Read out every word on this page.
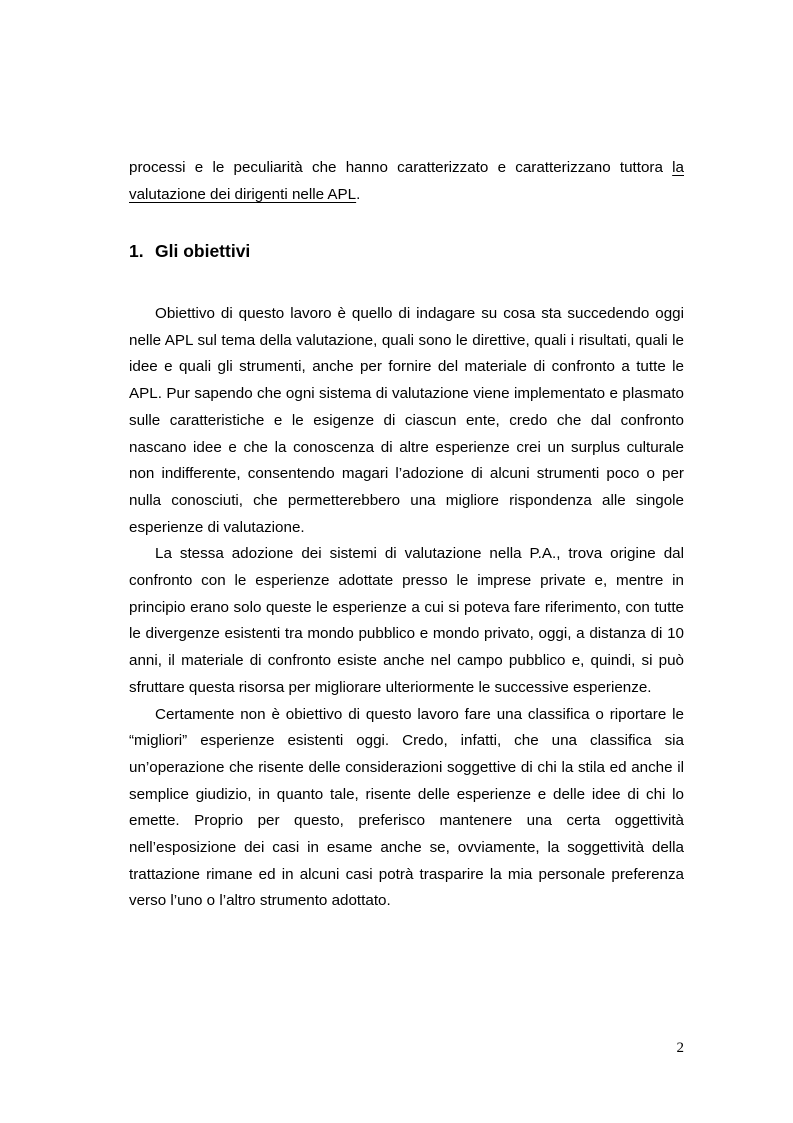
processi e le peculiarità che hanno caratterizzato e caratterizzano tuttora la valutazione dei dirigenti nelle APL.

1. Gli obiettivi

Obiettivo di questo lavoro è quello di indagare su cosa sta succedendo oggi nelle APL sul tema della valutazione, quali sono le direttive, quali i risultati, quali le idee e quali gli strumenti, anche per fornire del materiale di confronto a tutte le APL. Pur sapendo che ogni sistema di valutazione viene implementato e plasmato sulle caratteristiche e le esigenze di ciascun ente, credo che dal confronto nascano idee e che la conoscenza di altre esperienze crei un surplus culturale non indifferente, consentendo magari l’adozione di alcuni strumenti poco o per nulla conosciuti, che permetterebbero una migliore rispondenza alle singole esperienze di valutazione.

La stessa adozione dei sistemi di valutazione nella P.A., trova origine dal confronto con le esperienze adottate presso le imprese private e, mentre in principio erano solo queste le esperienze a cui si poteva fare riferimento, con tutte le divergenze esistenti tra mondo pubblico e mondo privato, oggi, a distanza di 10 anni, il materiale di confronto esiste anche nel campo pubblico e, quindi, si può sfruttare questa risorsa per migliorare ulteriormente le successive esperienze.

Certamente non è obiettivo di questo lavoro fare una classifica o riportare le “migliori” esperienze esistenti oggi. Credo, infatti, che una classifica sia un’operazione che risente delle considerazioni soggettive di chi la stila ed anche il semplice giudizio, in quanto tale, risente delle esperienze e delle idee di chi lo emette. Proprio per questo, preferisco mantenere una certa oggettività nell’esposizione dei casi in esame anche se, ovviamente, la soggettività della trattazione rimane ed in alcuni casi potrà trasparire la mia personale preferenza verso l’uno o l’altro strumento adottato.

2
